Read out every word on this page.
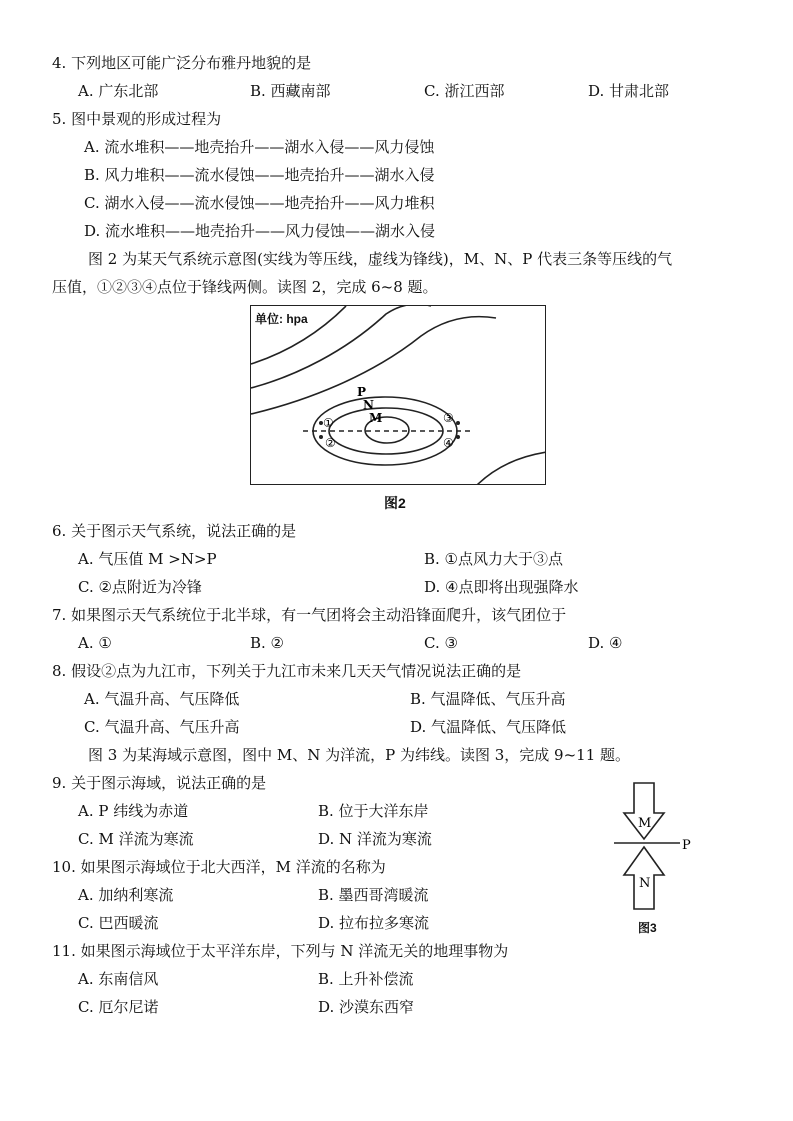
4. 下列地区可能广泛分布雅丹地貌的是
A. 广东北部	B. 西藏南部	C. 浙江西部	D. 甘肃北部
5. 图中景观的形成过程为
A. 流水堆积——地壳抬升——湖水入侵——风力侵蚀
B. 风力堆积——流水侵蚀——地壳抬升——湖水入侵
C. 湖水入侵——流水侵蚀——地壳抬升——风力堆积
D. 流水堆积——地壳抬升——风力侵蚀——湖水入侵
图 2 为某天气系统示意图(实线为等压线，虚线为锋线)，M、N、P 代表三条等压线的气
压值，①②③④点位于锋线两侧。读图 2，完成 6~8 题。
P
N
M
①
②
③
④
单位: hpa
图2
6. 关于图示天气系统，说法正确的是
A. 气压值 M >N>P	B. ①点风力大于③点
C. ②点附近为冷锋	D. ④点即将出现强降水
7. 如果图示天气系统位于北半球，有一气团将会主动沿锋面爬升，该气团位于
A. ①	B. ②	C. ③	D. ④
8. 假设②点为九江市，下列关于九江市未来几天天气情况说法正确的是
A. 气温升高、气压降低	B. 气温降低、气压升高
C. 气温升高、气压升高	D. 气温降低、气压降低
图 3 为某海域示意图，图中 M、N 为洋流，P 为纬线。读图 3，完成 9~11 题。
9. 关于图示海域，说法正确的是
A. P 纬线为赤道	B. 位于大洋东岸
C. M 洋流为寒流	D. N 洋流为寒流
10. 如果图示海域位于北大西洋，M 洋流的名称为
A. 加纳利寒流	B. 墨西哥湾暖流
C. 巴西暖流	D. 拉布拉多寒流
11. 如果图示海域位于太平洋东岸，下列与 N 洋流无关的地理事物为
A. 东南信风	B. 上升补偿流
C. 厄尔尼诺	D. 沙漠东西窄
M
N
P
图3
